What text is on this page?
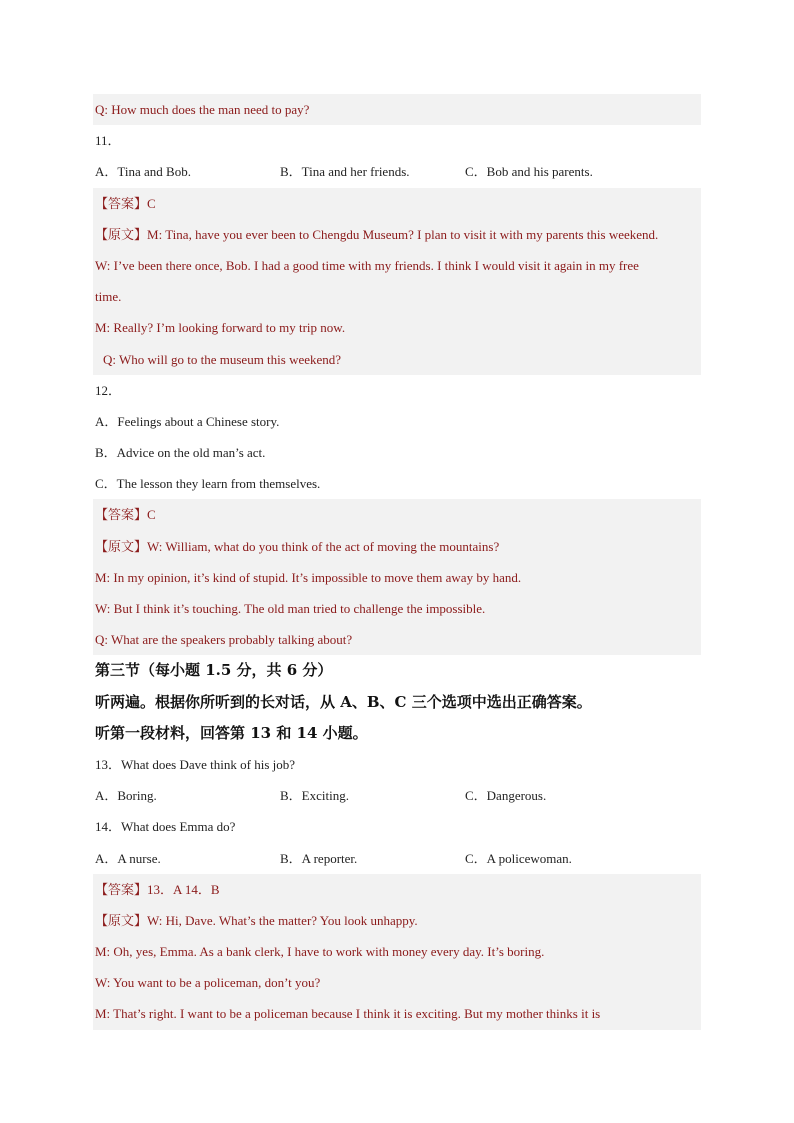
Q: How much does the man need to pay?
11．
A．Tina and Bob.	B．Tina and her friends.	C．Bob and his parents.
【答案】C
【原文】M: Tina, have you ever been to Chengdu Museum? I plan to visit it with my parents this weekend.
W: I’ve been there once, Bob. I had a good time with my friends. I think I would visit it again in my free
time.
M: Really? I’m looking forward to my trip now.
Q: Who will go to the museum this weekend?
12．
A．Feelings about a Chinese story.
B．Advice on the old man’s act.
C．The lesson they learn from themselves.
【答案】C
【原文】W: William, what do you think of the act of moving the mountains?
M: In my opinion, it’s kind of stupid. It’s impossible to move them away by hand.
W: But I think it’s touching. The old man tried to challenge the impossible.
Q: What are the speakers probably talking about?
第三节（每小题 1.5 分，共 6 分）
听两遍。根据你所听到的长对话，从 A、B、C 三个选项中选出正确答案。
听第一段材料，回答第 13 和 14 小题。
13．What does Dave think of his job?
A．Boring.	B．Exciting.	C．Dangerous.
14．What does Emma do?
A．A nurse.	B．A reporter.	C．A policewoman.
【答案】13．A 14．B
【原文】W: Hi, Dave. What’s the matter? You look unhappy.
M: Oh, yes, Emma. As a bank clerk, I have to work with money every day. It’s boring.
W: You want to be a policeman, don’t you?
M: That’s right. I want to be a policeman because I think it is exciting. But my mother thinks it is
